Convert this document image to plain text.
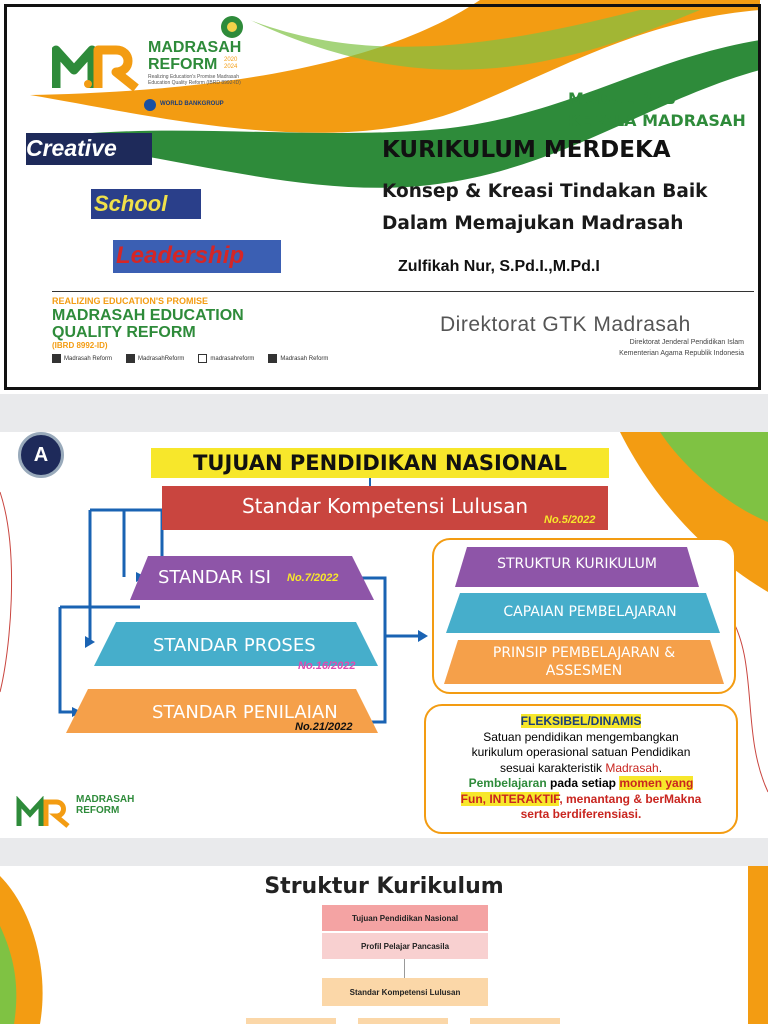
MADRASAH
REFORM 2020 2024
Realizing Education's Promise Madrasah Education Quality Reform (IBRD 8992-ID)
WORLD BANKGROUP
Creative
School
Leadership
MODUL PKB KEPALA MADRASAH
KURIKULUM MERDEKA
Konsep & Kreasi Tindakan Baik
Dalam Memajukan Madrasah
Zulfikah Nur, S.Pd.I.,M.Pd.I
REALIZING EDUCATION'S PROMISE
MADRASAH EDUCATION
QUALITY REFORM
(IBRD 8992-ID)
Madrasah Reform	MadrasahReform	madrasahreform	Madrasah Reform
Direktorat GTK Madrasah
Direktorat Jenderal Pendidikan Islam
Kementerian Agama Republik Indonesia
A	TUJUAN PENDIDIKAN NASIONAL
Standar Kompetensi Lulusan
No.5/2022
STANDAR ISI No.7/2022
STANDAR PROSES
No.16/2022
STANDAR PENILAIAN
No.21/2022
STRUKTUR KURIKULUM
CAPAIAN PEMBELAJARAN
PRINSIP PEMBELAJARAN & ASSESMEN
FLEKSIBEL/DINAMIS
Satuan pendidikan mengembangkan
kurikulum operasional satuan Pendidikan
sesuai karakteristik Madrasah.
Pembelajaran pada setiap momen yang
Fun, INTERAKTIF, menantang & berMakna
serta berdiferensiasi.
MADRASAH
REFORM
Struktur Kurikulum
Tujuan Pendidikan Nasional
Profil Pelajar Pancasila
Standar Kompetensi Lulusan
